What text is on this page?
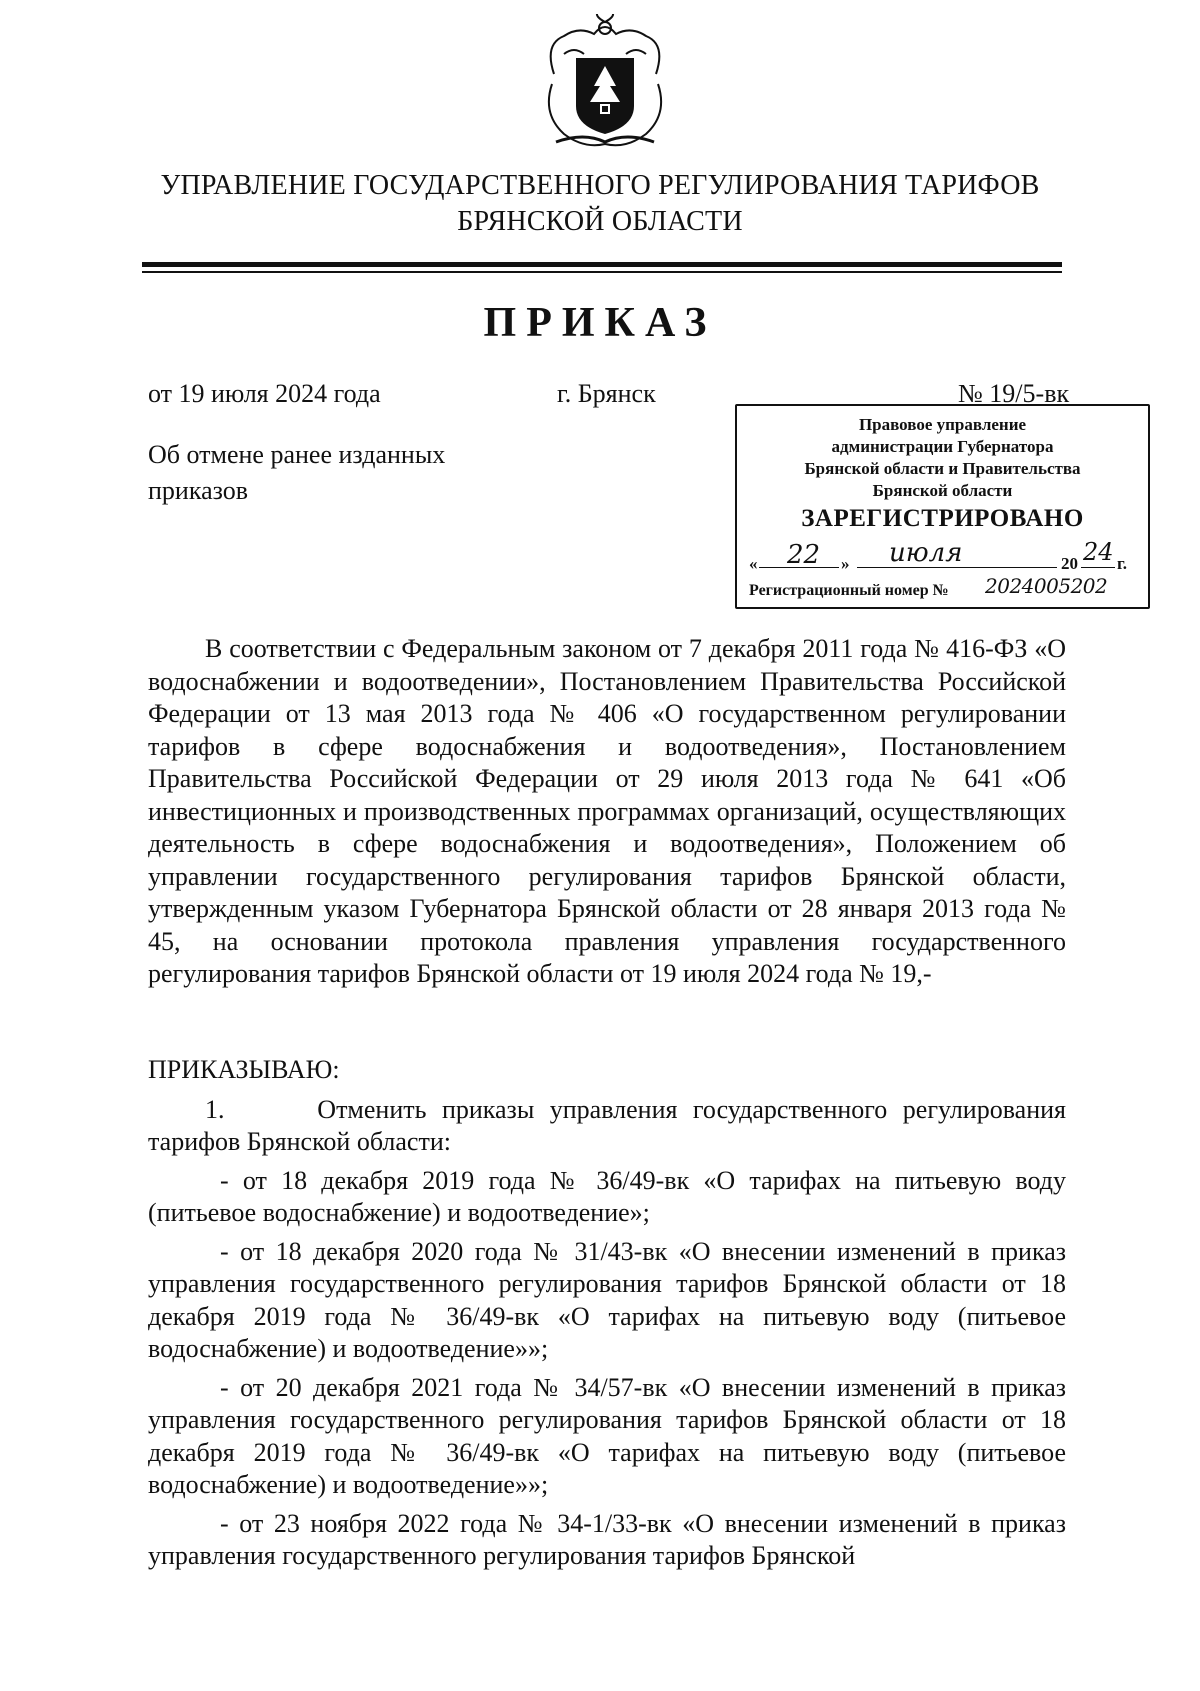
УПРАВЛЕНИЕ ГОСУДАРСТВЕННОГО РЕГУЛИРОВАНИЯ ТАРИФОВ
БРЯНСКОЙ ОБЛАСТИ
ПРИКАЗ
от 19 июля 2024 года	г. Брянск	№ 19/5-вк
Об отмене ранее изданных приказов
Правовое управление
администрации Губернатора
Брянской области и Правительства
Брянской области
ЗАРЕГИСТРИРОВАНО
« 22 » июля	20 24 г.
Регистрационный номер № 2024005202

В соответствии с Федеральным законом от 7 декабря 2011 года № 416-ФЗ «О водоснабжении и водоотведении», Постановлением Правительства Российской Федерации от 13 мая 2013 года № 406 «О государственном регулировании тарифов в сфере водоснабжения и водоотведения», Постановлением Правительства Российской Федерации от 29 июля 2013 года № 641 «Об инвестиционных и производственных программах организаций, осуществляющих деятельность в сфере водоснабжения и водоотведения», Положением об управлении государственного регулирования тарифов Брянской области, утвержденным указом Губернатора Брянской области от 28 января 2013 года № 45, на основании протокола правления управления государственного регулирования тарифов Брянской области от 19 июля 2024 года № 19,-

ПРИКАЗЫВАЮ:

1.      Отменить приказы управления государственного регулирования тарифов Брянской области:

- от 18 декабря 2019 года № 36/49-вк «О тарифах на питьевую воду (питьевое водоснабжение) и водоотведение»;

- от 18 декабря 2020 года № 31/43-вк «О внесении изменений в приказ управления государственного регулирования тарифов Брянской области от 18 декабря 2019 года № 36/49-вк «О тарифах на питьевую воду (питьевое водоснабжение) и водоотведение»»;

- от 20 декабря 2021 года № 34/57-вк «О внесении изменений в приказ управления государственного регулирования тарифов Брянской области от 18 декабря 2019 года № 36/49-вк «О тарифах на питьевую воду (питьевое водоснабжение) и водоотведение»»;

- от 23 ноября 2022 года № 34-1/33-вк «О внесении изменений в приказ управления государственного регулирования тарифов Брянской
